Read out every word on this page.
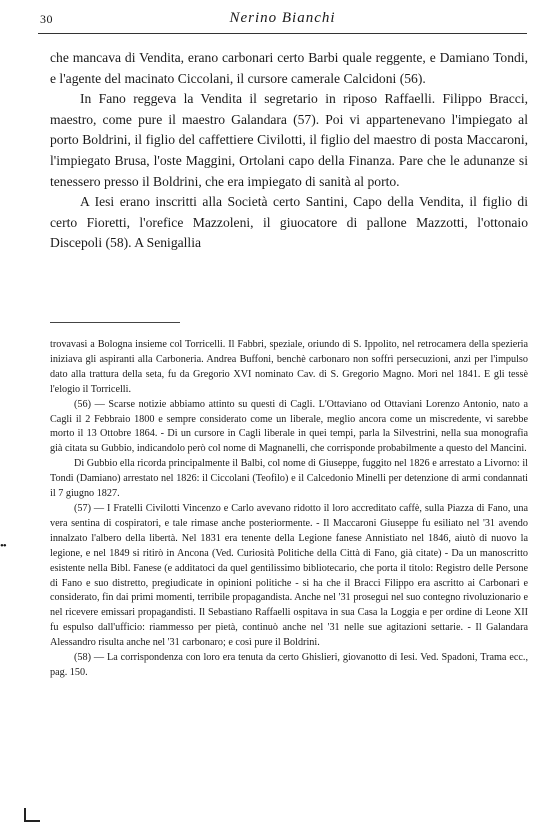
30	Nerino Bianchi

che mancava di Vendita, erano carbonari certo Barbi quale reggente, e Damiano Tondi, e l'agente del macinato Ciccolani, il cursore camerale Calcidoni (56).

In Fano reggeva la Vendita il segretario in riposo Raffaelli. Filippo Bracci, maestro, come pure il maestro Galandara (57). Poi vi appartenevano l'impiegato al porto Boldrini, il figlio del caffettiere Civilotti, il figlio del maestro di posta Maccaroni, l'impiegato Brusa, l'oste Maggini, Ortolani capo della Finanza. Pare che le adunanze si tenessero presso il Boldrini, che era impiegato di sanità al porto.

A Iesi erano inscritti alla Società certo Santini, Capo della Vendita, il figlio di certo Fioretti, l'orefice Mazzoleni, il giuocatore di pallone Mazzotti, l'ottonaio Discepoli (58). A Senigallia

trovavasi a Bologna insieme col Torricelli. Il Fabbri, speziale, oriundo di S. Ippolito, nel retrocamera della spezieria iniziava gli aspiranti alla Carboneria. Andrea Buffoni, benchè carbonaro non soffrì persecuzioni, anzi per l'impulso dato alla trattura della seta, fu da Gregorio XVI nominato Cav. di S. Gregorio Magno. Morì nel 1841. E gli tessè l'elogio il Torricelli.

(56) — Scarse notizie abbiamo attinto su questi di Cagli. L'Ottaviano od Ottaviani Lorenzo Antonio, nato a Cagli il 2 Febbraio 1800 e sempre considerato come un liberale, meglio ancora come un miscredente, vi sarebbe morto il 13 Ottobre 1864. - Di un cursore in Cagli liberale in quei tempi, parla la Silvestrini, nella sua monografia già citata su Gubbio, indicandolo però col nome di Magnanelli, che corrisponde probabilmente a questo del Mancini.

Di Gubbio ella ricorda principalmente il Balbi, col nome di Giuseppe, fuggito nel 1826 e arrestato a Livorno: il Tondi (Damiano) arrestato nel 1826: il Ciccolani (Teofilo) e il Calcedonio Minelli per detenzione di armi condannati il 7 giugno 1827.

(57) — I Fratelli Civilotti Vincenzo e Carlo avevano ridotto il loro accreditato caffè, sulla Piazza di Fano, una vera sentina di cospiratori, e tale rimase anche posteriormente. - Il Maccaroni Giuseppe fu esiliato nel '31 avendo innalzato l'albero della libertà. Nel 1831 era tenente della Legione fanese Annistiato nel 1846, aiutò di nuovo la legione, e nel 1849 si ritirò in Ancona (Ved. Curiosità Politiche della Città di Fano, già citate) - Da un manoscritto esistente nella Bibl. Fanese (e addìtatoci da quel gentilissimo bibliotecario, che porta il titolo: Registro delle Persone di Fano e suo distretto, pregiudicate in opinioni politiche - si ha che il Bracci Filippo era ascritto ai Carbonari e considerato, fin dai primi momenti, terribile propagandista. Anche nel '31 prosegui nel suo contegno rivoluzionario e nel ricevere emissari propagandisti. Il Sebastiano Raffaelli ospitava in sua Casa la Loggia e per ordine di Leone XII fu espulso dall'ufficio: riammesso per pietà, continuò anche nel '31 nelle sue agitazioni settarie. - Il Galandara Alessandro risulta anche nel '31 carbonaro; e così pure il Boldrini.

(58) — La corrispondenza con loro era tenuta da certo Ghislieri, giovanotto di Iesi. Ved. Spadoni, Trama ecc., pag. 150.

••
